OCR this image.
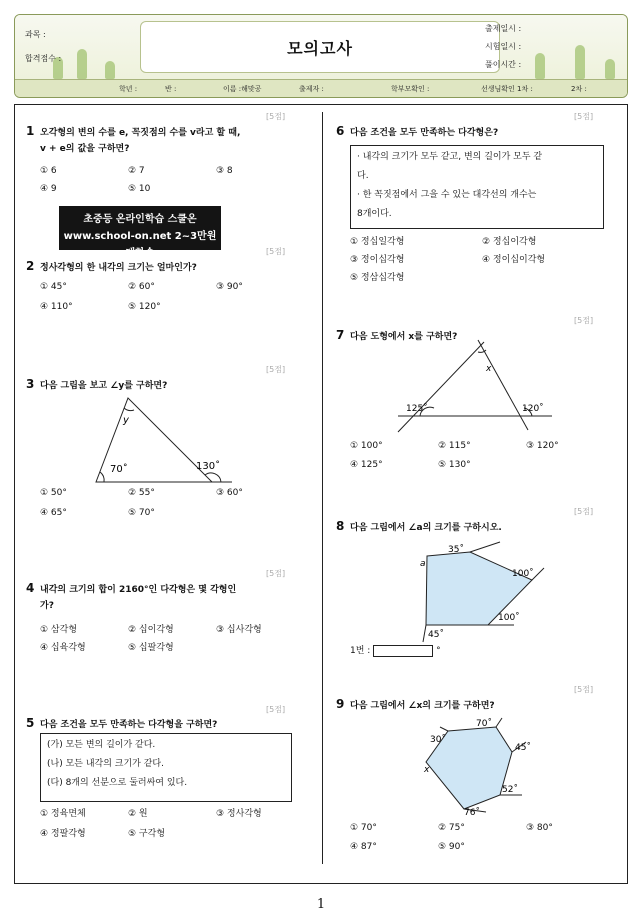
과목 :
합격점수 :
모의고사
출제일시 :
시험일시 :
풀이시간 :
학년 :	반 :	이름 :해맞공	출제자 :	학부모확인 :	선생님확인 1차 :	2차 :
[5점]
1 오각형의 변의 수를 e, 꼭짓점의 수를 v라고 할 때,
v + e의 값을 구하면?
① 6	② 7	③ 8
④ 9	⑤ 10
초중등 온라인학습 스쿨온
www.school-on.net 2~3만원대학습	[5점]
2 정사각형의 한 내각의 크기는 얼마인가?
① 45°	② 60°	③ 90°
④ 110°	⑤ 120°
[5점]
3 다음 그림을 보고 ∠y를 구하면?
y
70˚	130˚
① 50°	② 55°	③ 60°
④ 65°	⑤ 70°
[5점]
4 내각의 크기의 합이 2160°인 다각형은 몇 각형인
가?
① 삼각형	② 십이각형	③ 십사각형
④ 십육각형	⑤ 십팔각형
[5점]
5 다음 조건을 모두 만족하는 다각형을 구하면?
(가) 모든 변의 길이가 같다.
(나) 모든 내각의 크기가 같다.
(다) 8개의 선분으로 둘러싸여 있다.
① 정육면체	② 원	③ 정사각형
④ 정팔각형	⑤ 구각형
[5점]
6 다음 조건을 모두 만족하는 다각형은?
· 내각의 크기가 모두 같고, 변의 길이가 모두 같
다.
· 한 꼭짓점에서 그을 수 있는 대각선의 개수는
8개이다.
① 정십일각형	② 정십이각형
③ 정이십각형	④ 정이십이각형
⑤ 정삼십각형
[5점]
7 다음 도형에서 x를 구하면?
x
125˚	120˚
① 100°	② 115°	③ 120°
④ 125°	⑤ 130°
[5점]
8 다음 그림에서 ∠a의 크기를 구하시오.
35˚
a
100˚
100˚
45˚
1번 :	°
[5점]
9 다음 그림에서 ∠x의 크기를 구하면?
70˚
30˚
45˚
52˚
76˚
x
① 70°	② 75°	③ 80°
④ 87°	⑤ 90°
1
